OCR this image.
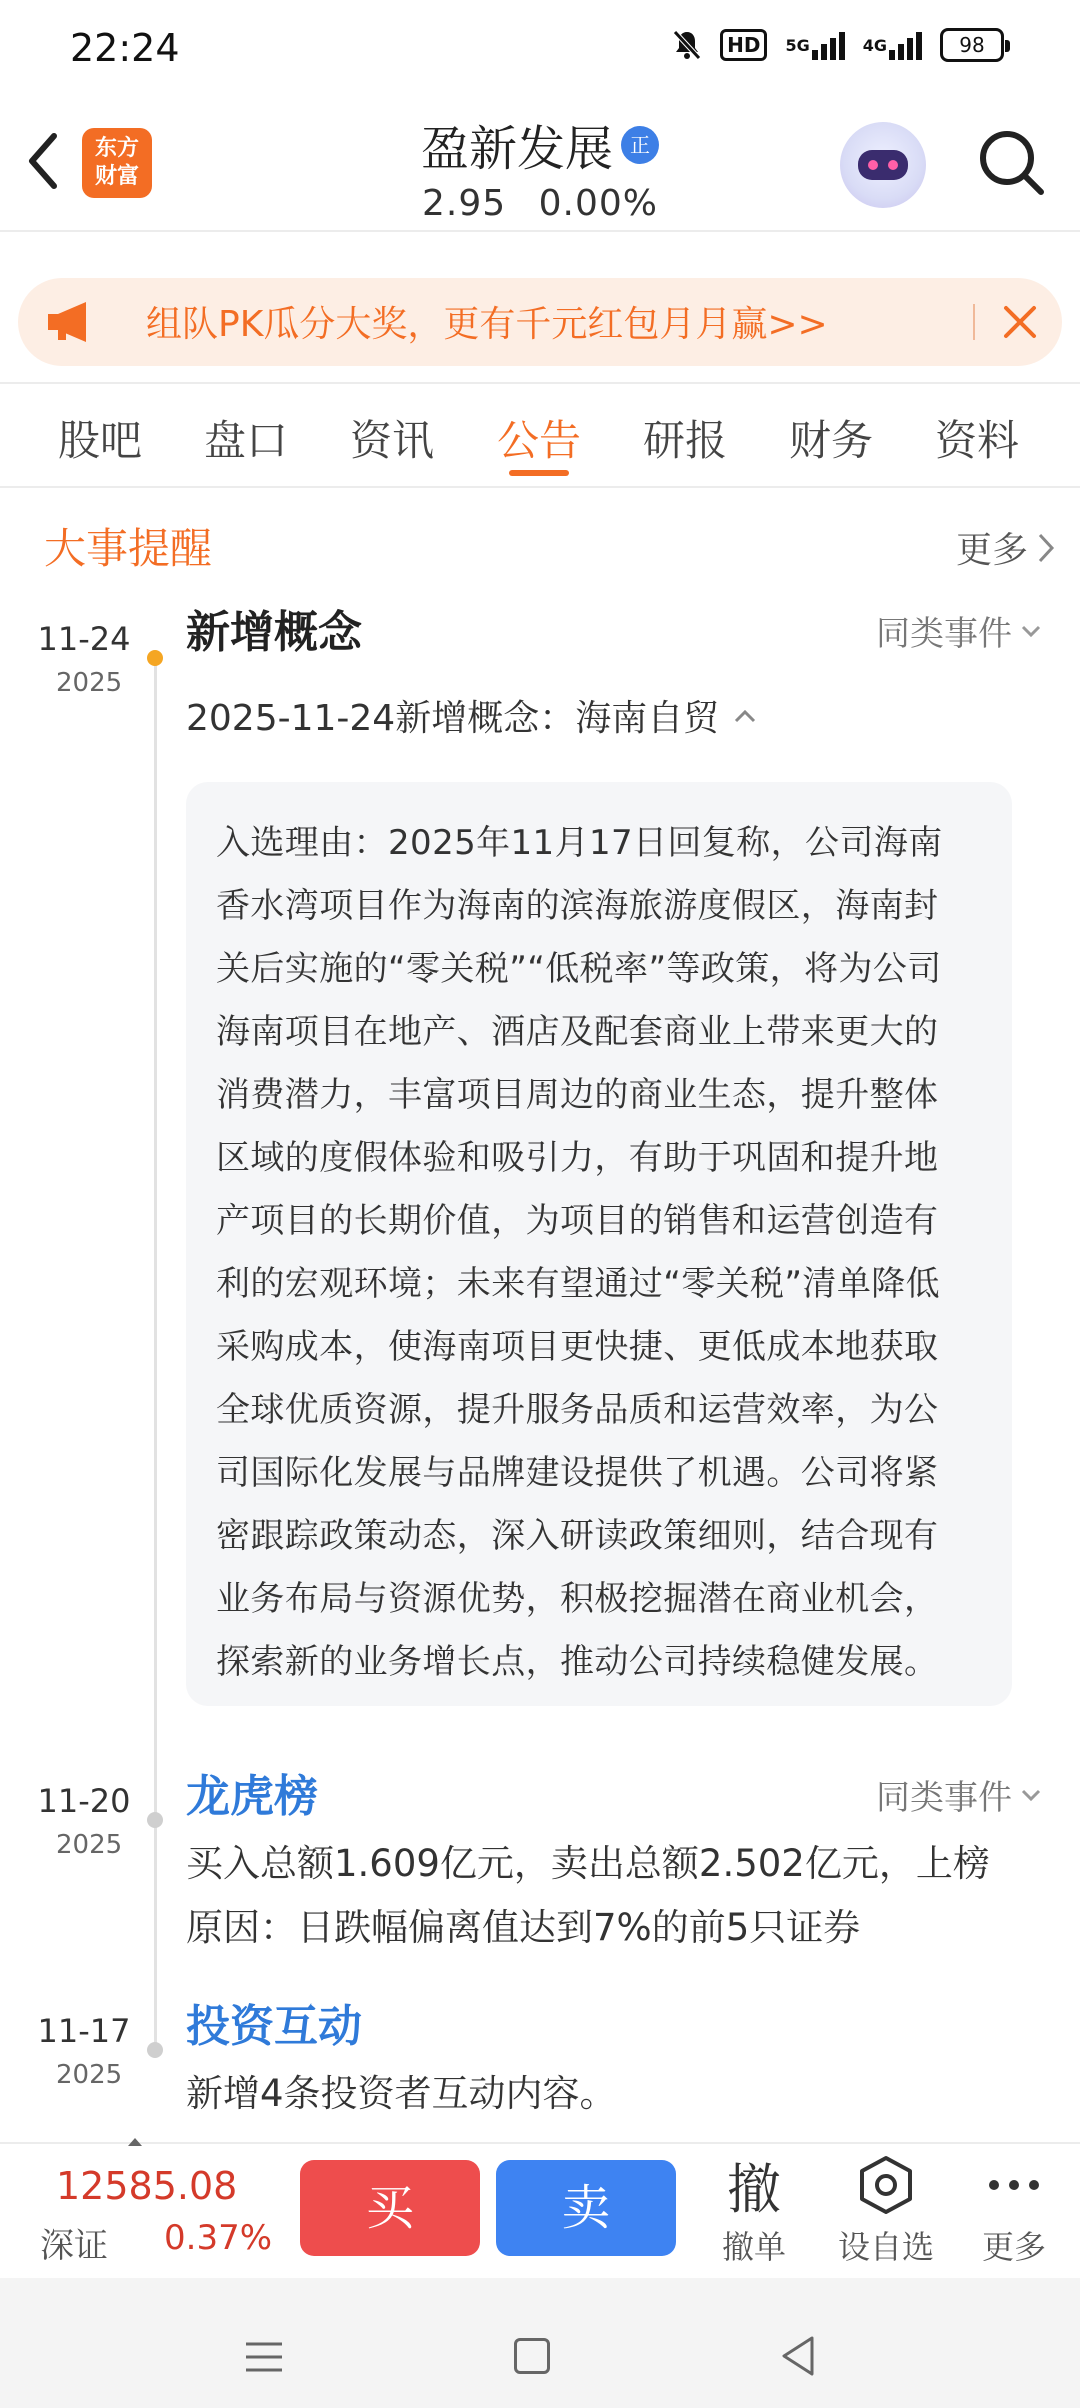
22:24	HD	5G	4G	98
东方财富	盈新发展 正
2.95 0.00%
组队PK瓜分大奖，更有千元红包月月赢>>
股吧	盘口	资讯	公告	研报	财务	资料
大事提醒	更多
11-24
2025
新增概念	同类事件
2025-11-24新增概念：海南自贸
入选理由：2025年11月17日回复称，公司海南
香水湾项目作为海南的滨海旅游度假区，海南封
关后实施的“零关税”“低税率”等政策，将为公司
海南项目在地产、酒店及配套商业上带来更大的
消费潜力，丰富项目周边的商业生态，提升整体
区域的度假体验和吸引力，有助于巩固和提升地
产项目的长期价值，为项目的销售和运营创造有
利的宏观环境；未来有望通过“零关税”清单降低
采购成本，使海南项目更快捷、更低成本地获取
全球优质资源，提升服务品质和运营效率，为公
司国际化发展与品牌建设提供了机遇。公司将紧
密跟踪政策动态，深入研读政策细则，结合现有
业务布局与资源优势，积极挖掘潜在商业机会，
探索新的业务增长点，推动公司持续稳健发展。
11-20
2025
龙虎榜	同类事件
买入总额1.609亿元，卖出总额2.502亿元，上榜
原因：日跌幅偏离值达到7%的前5只证券
11-17
2025
投资互动
新增4条投资者互动内容。
12585.08
深证 0.37%
买	卖	撤
撤单	设自选	更多
